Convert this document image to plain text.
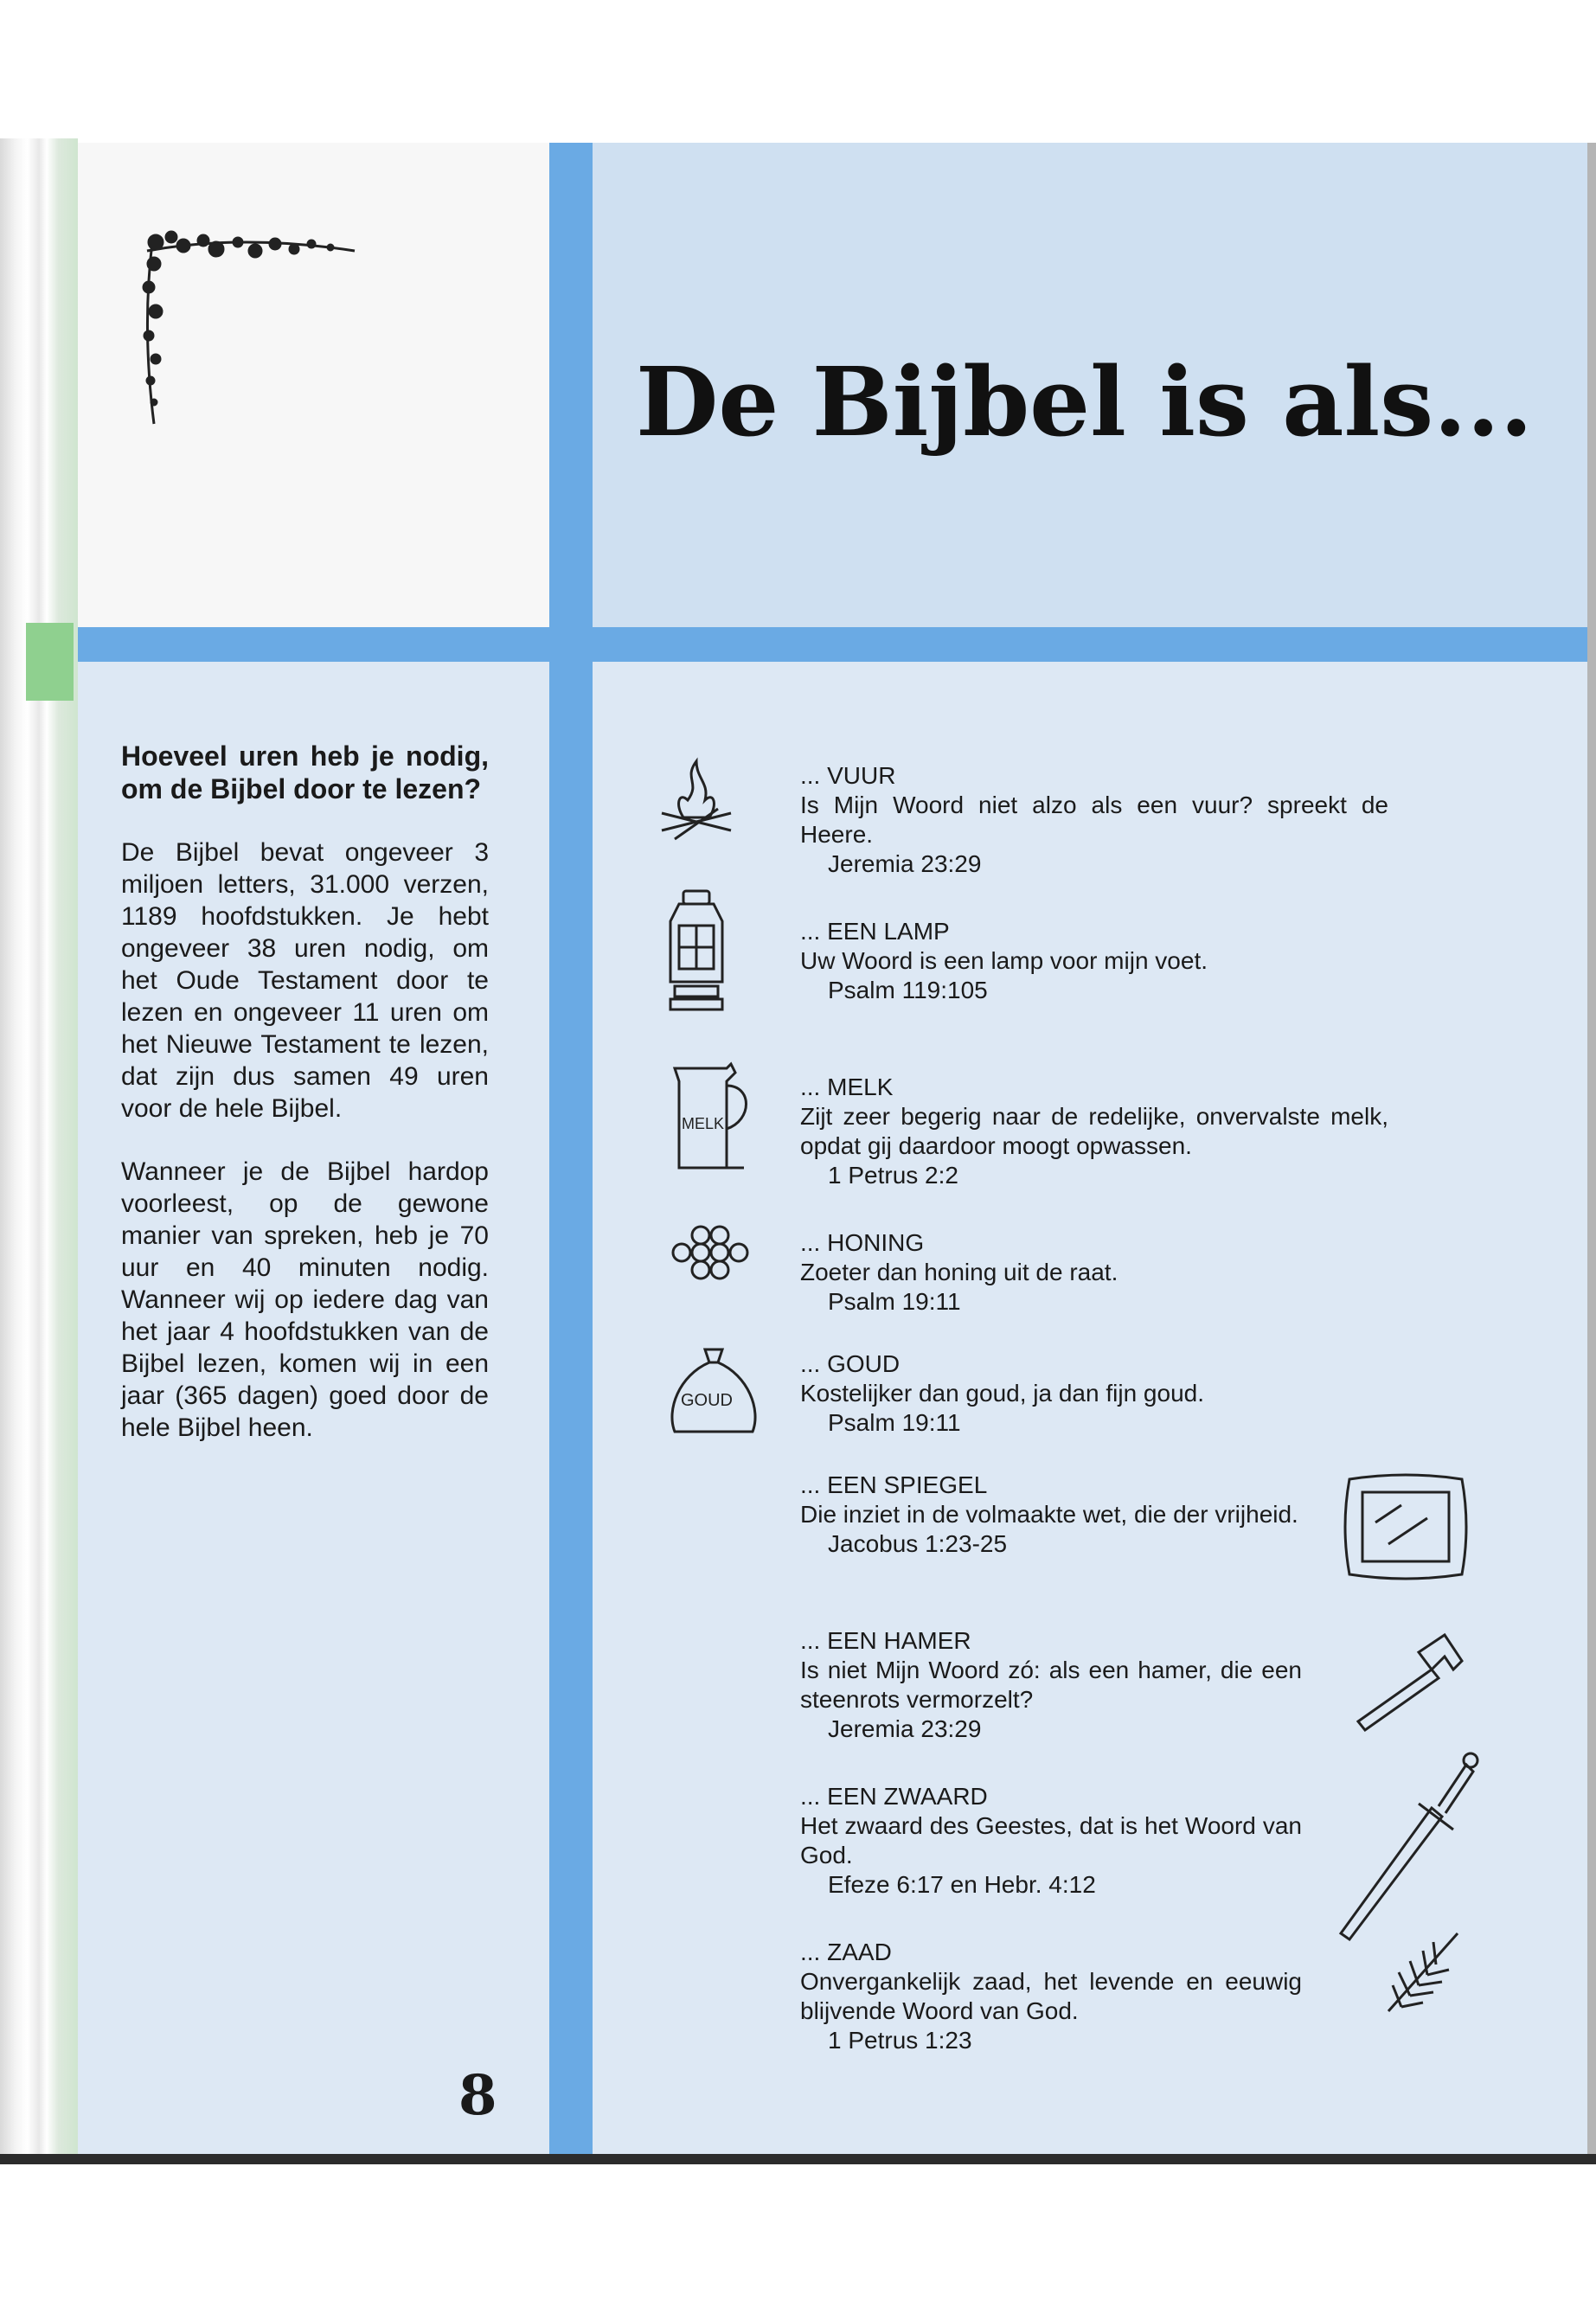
De Bijbel is als...

Hoeveel uren heb je nodig, om de Bijbel door te lezen?

De Bijbel bevat ongeveer 3 miljoen letters, 31.000 verzen, 1189 hoofdstukken. Je hebt ongeveer 38 uren nodig, om het Oude Testament door te lezen en ongeveer 11 uren om het Nieuwe Testament te lezen, dat zijn dus samen 49 uren voor de hele Bijbel.

Wanneer je de Bijbel hardop voorleest, op de gewone manier van spreken, heb je 70 uur en 40 minuten nodig. Wanneer wij op iedere dag van het jaar 4 hoofdstukken van de Bijbel lezen, komen wij in een jaar (365 dagen) goed door de hele Bijbel heen.

8
... VUUR
Is Mijn Woord niet alzo als een vuur? spreekt de Heere.
Jeremia 23:29
... EEN LAMP
Uw Woord is een lamp voor mijn voet.
Psalm 119:105
... MELK
Zijt zeer begerig naar de redelijke, onvervalste melk, opdat gij daardoor moogt opwassen.
1 Petrus 2:2
MELK
... HONING
Zoeter dan honing uit de raat.
Psalm 19:11
... GOUD
Kostelijker dan goud, ja dan fijn goud.
Psalm 19:11
GOUD
... EEN SPIEGEL
Die inziet in de volmaakte wet, die der vrijheid.
Jacobus 1:23-25
... EEN HAMER
Is niet Mijn Woord zó: als een hamer, die een steenrots vermorzelt?
Jeremia 23:29
... EEN ZWAARD
Het zwaard des Geestes, dat is het Woord van God.
Efeze 6:17 en Hebr. 4:12
... ZAAD
Onvergankelijk zaad, het levende en eeuwig blijvende Woord van God.
1 Petrus 1:23
